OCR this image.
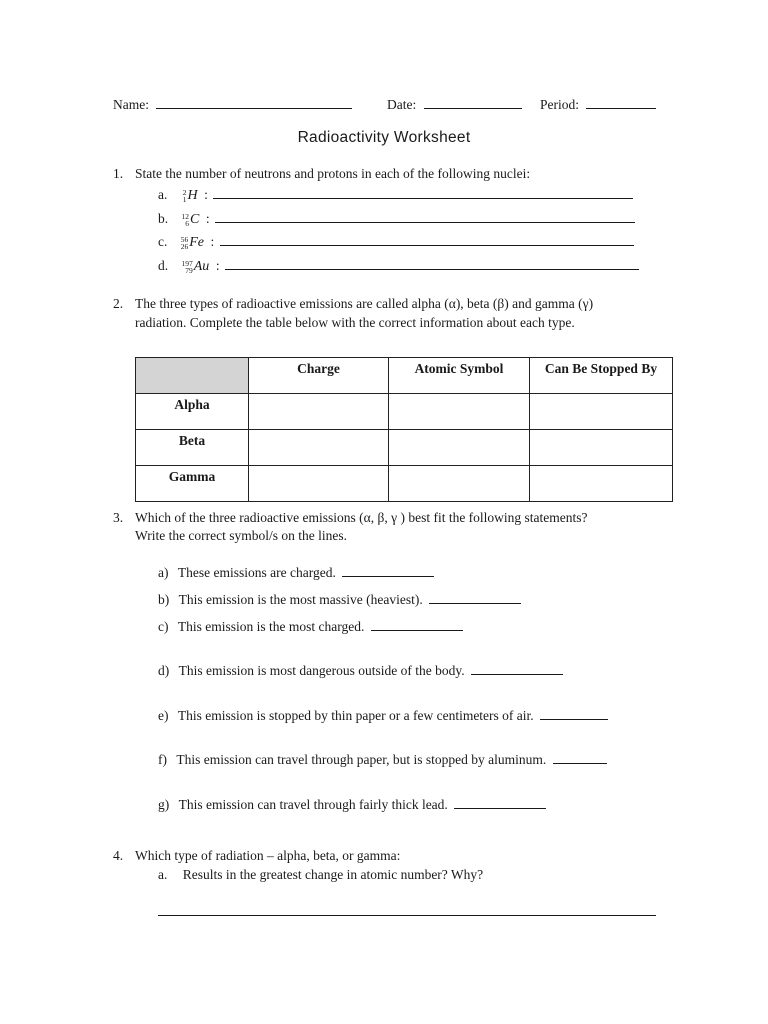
Name:	Date:	Period:
Radioactivity Worksheet
1. State the number of neutrons and protons in each of the following nuclei:
a. 2
1H :
b. 12
6C :
c. 56
26Fe :
d. 197
79Au :
2. The three types of radioactive emissions are called alpha (α), beta (β) and gamma (γ)
radiation. Complete the table below with the correct information about each type.
	Charge	Atomic Symbol	Can Be Stopped By
Alpha			
Beta			
Gamma			
3. Which of the three radioactive emissions (α, β, γ ) best fit the following statements?
Write the correct symbol/s on the lines.
a) These emissions are charged.
b) This emission is the most massive (heaviest).
c) This emission is the most charged.
d) This emission is most dangerous outside of the body.
e) This emission is stopped by thin paper or a few centimeters of air.
f) This emission can travel through paper, but is stopped by aluminum.
g) This emission can travel through fairly thick lead.
4. Which type of radiation – alpha, beta, or gamma:
a. Results in the greatest change in atomic number? Why?
